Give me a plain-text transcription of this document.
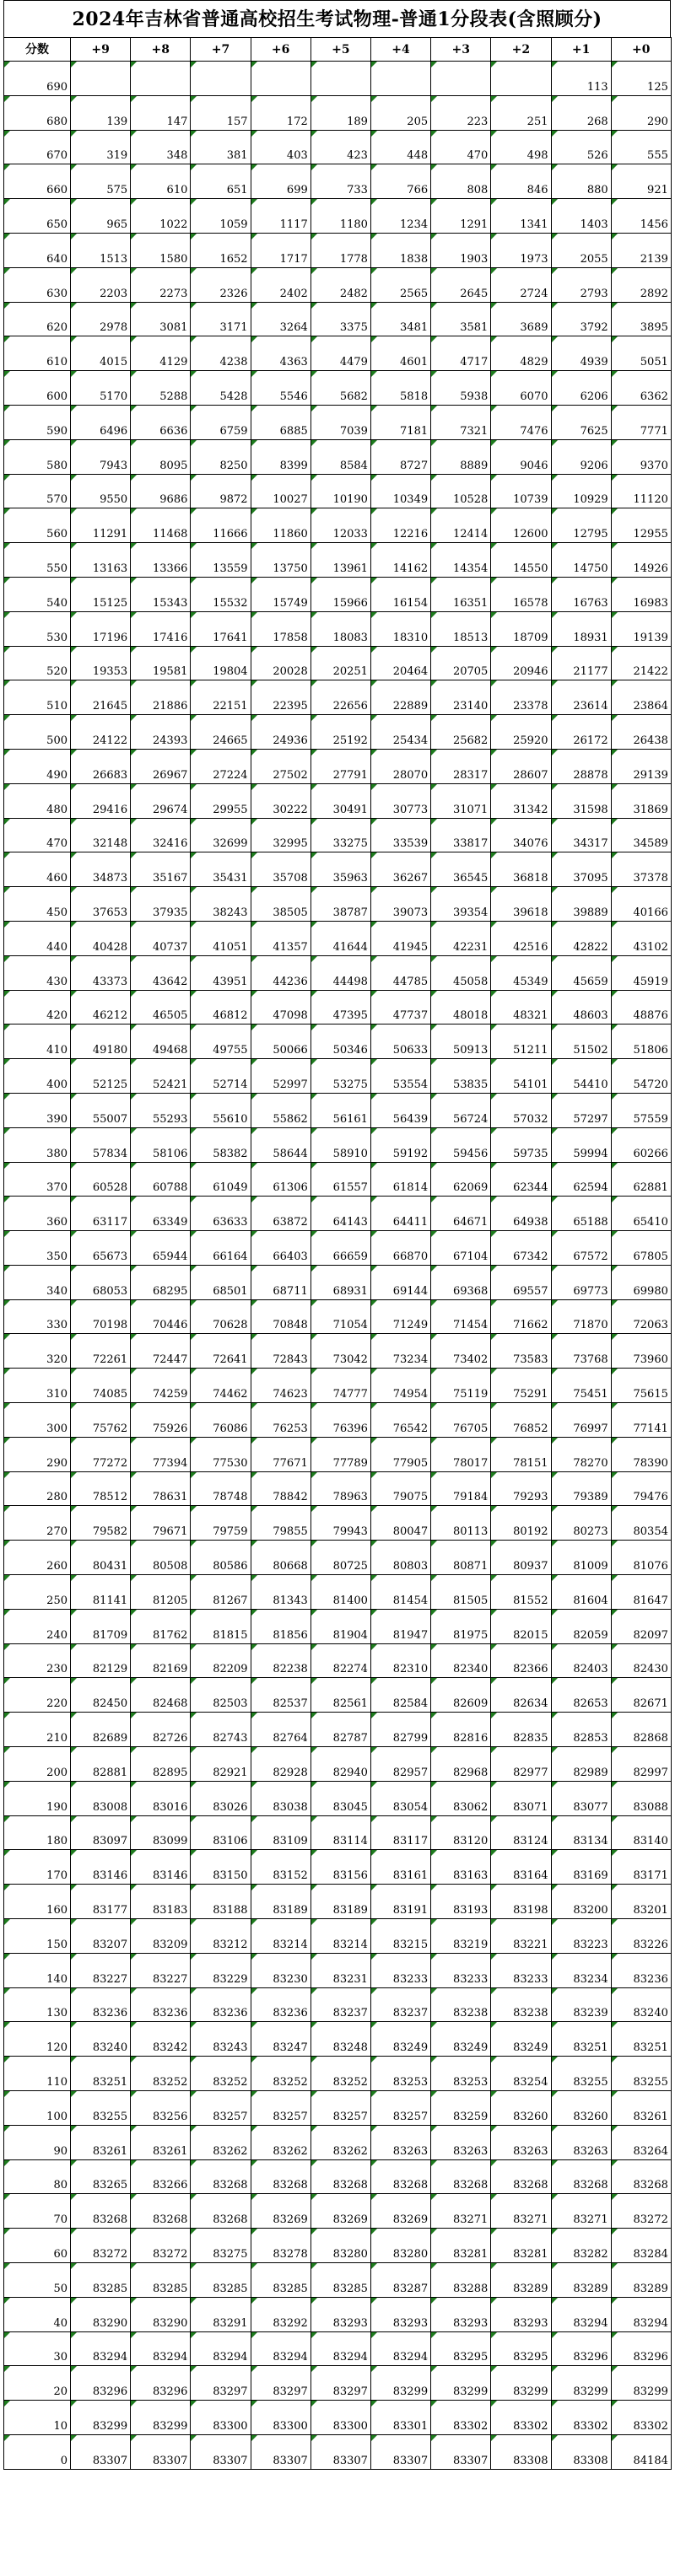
2024年吉林省普通高校招生考试物理-普通1分段表(含照顾分)
分数	+9	+8	+7	+6	+5	+4	+3	+2	+1	+0
690									113	125
680	139	147	157	172	189	205	223	251	268	290
670	319	348	381	403	423	448	470	498	526	555
660	575	610	651	699	733	766	808	846	880	921
650	965	1022	1059	1117	1180	1234	1291	1341	1403	1456
640	1513	1580	1652	1717	1778	1838	1903	1973	2055	2139
630	2203	2273	2326	2402	2482	2565	2645	2724	2793	2892
620	2978	3081	3171	3264	3375	3481	3581	3689	3792	3895
610	4015	4129	4238	4363	4479	4601	4717	4829	4939	5051
600	5170	5288	5428	5546	5682	5818	5938	6070	6206	6362
590	6496	6636	6759	6885	7039	7181	7321	7476	7625	7771
580	7943	8095	8250	8399	8584	8727	8889	9046	9206	9370
570	9550	9686	9872	10027	10190	10349	10528	10739	10929	11120
560	11291	11468	11666	11860	12033	12216	12414	12600	12795	12955
550	13163	13366	13559	13750	13961	14162	14354	14550	14750	14926
540	15125	15343	15532	15749	15966	16154	16351	16578	16763	16983
530	17196	17416	17641	17858	18083	18310	18513	18709	18931	19139
520	19353	19581	19804	20028	20251	20464	20705	20946	21177	21422
510	21645	21886	22151	22395	22656	22889	23140	23378	23614	23864
500	24122	24393	24665	24936	25192	25434	25682	25920	26172	26438
490	26683	26967	27224	27502	27791	28070	28317	28607	28878	29139
480	29416	29674	29955	30222	30491	30773	31071	31342	31598	31869
470	32148	32416	32699	32995	33275	33539	33817	34076	34317	34589
460	34873	35167	35431	35708	35963	36267	36545	36818	37095	37378
450	37653	37935	38243	38505	38787	39073	39354	39618	39889	40166
440	40428	40737	41051	41357	41644	41945	42231	42516	42822	43102
430	43373	43642	43951	44236	44498	44785	45058	45349	45659	45919
420	46212	46505	46812	47098	47395	47737	48018	48321	48603	48876
410	49180	49468	49755	50066	50346	50633	50913	51211	51502	51806
400	52125	52421	52714	52997	53275	53554	53835	54101	54410	54720
390	55007	55293	55610	55862	56161	56439	56724	57032	57297	57559
380	57834	58106	58382	58644	58910	59192	59456	59735	59994	60266
370	60528	60788	61049	61306	61557	61814	62069	62344	62594	62881
360	63117	63349	63633	63872	64143	64411	64671	64938	65188	65410
350	65673	65944	66164	66403	66659	66870	67104	67342	67572	67805
340	68053	68295	68501	68711	68931	69144	69368	69557	69773	69980
330	70198	70446	70628	70848	71054	71249	71454	71662	71870	72063
320	72261	72447	72641	72843	73042	73234	73402	73583	73768	73960
310	74085	74259	74462	74623	74777	74954	75119	75291	75451	75615
300	75762	75926	76086	76253	76396	76542	76705	76852	76997	77141
290	77272	77394	77530	77671	77789	77905	78017	78151	78270	78390
280	78512	78631	78748	78842	78963	79075	79184	79293	79389	79476
270	79582	79671	79759	79855	79943	80047	80113	80192	80273	80354
260	80431	80508	80586	80668	80725	80803	80871	80937	81009	81076
250	81141	81205	81267	81343	81400	81454	81505	81552	81604	81647
240	81709	81762	81815	81856	81904	81947	81975	82015	82059	82097
230	82129	82169	82209	82238	82274	82310	82340	82366	82403	82430
220	82450	82468	82503	82537	82561	82584	82609	82634	82653	82671
210	82689	82726	82743	82764	82787	82799	82816	82835	82853	82868
200	82881	82895	82921	82928	82940	82957	82968	82977	82989	82997
190	83008	83016	83026	83038	83045	83054	83062	83071	83077	83088
180	83097	83099	83106	83109	83114	83117	83120	83124	83134	83140
170	83146	83146	83150	83152	83156	83161	83163	83164	83169	83171
160	83177	83183	83188	83189	83189	83191	83193	83198	83200	83201
150	83207	83209	83212	83214	83214	83215	83219	83221	83223	83226
140	83227	83227	83229	83230	83231	83233	83233	83233	83234	83236
130	83236	83236	83236	83236	83237	83237	83238	83238	83239	83240
120	83240	83242	83243	83247	83248	83249	83249	83249	83251	83251
110	83251	83252	83252	83252	83252	83253	83253	83254	83255	83255
100	83255	83256	83257	83257	83257	83257	83259	83260	83260	83261
90	83261	83261	83262	83262	83262	83263	83263	83263	83263	83264
80	83265	83266	83268	83268	83268	83268	83268	83268	83268	83268
70	83268	83268	83268	83269	83269	83269	83271	83271	83271	83272
60	83272	83272	83275	83278	83280	83280	83281	83281	83282	83284
50	83285	83285	83285	83285	83285	83287	83288	83289	83289	83289
40	83290	83290	83291	83292	83293	83293	83293	83293	83294	83294
30	83294	83294	83294	83294	83294	83294	83295	83295	83296	83296
20	83296	83296	83297	83297	83297	83299	83299	83299	83299	83299
10	83299	83299	83300	83300	83300	83301	83302	83302	83302	83302
0	83307	83307	83307	83307	83307	83307	83307	83308	83308	84184
